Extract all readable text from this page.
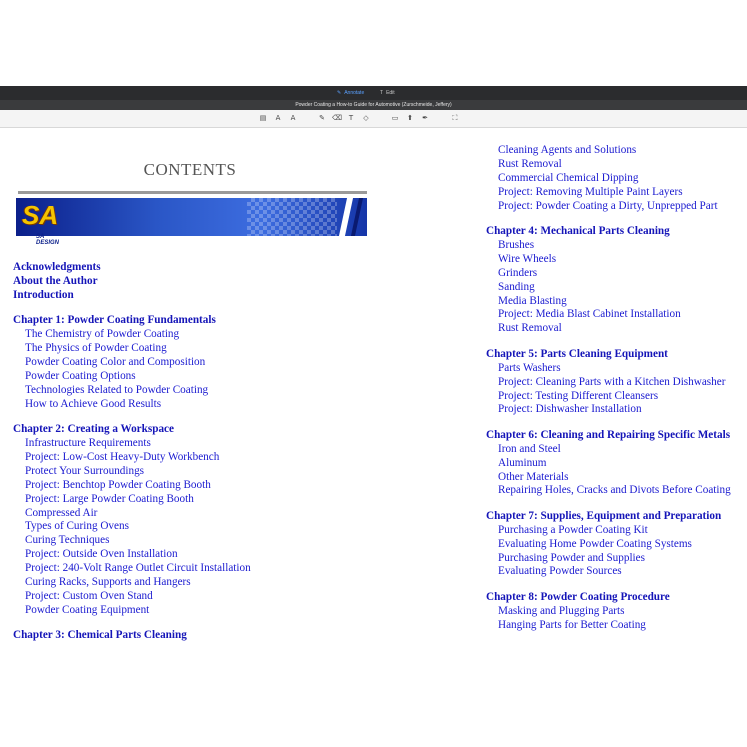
✎ Annotate	T Edit
Powder Coating a How-to Guide for Automotive (Zurschmeide, Jeffery)
▤	A	A	✎ ⌫ T	◇	▭ ⬆ ✒	⛶
CONTENTS
SA
SA DESIGN
Acknowledgments
About the Author
Introduction
Chapter 1: Powder Coating Fundamentals
The Chemistry of Powder Coating
The Physics of Powder Coating
Powder Coating Color and Composition
Powder Coating Options
Technologies Related to Powder Coating
How to Achieve Good Results
Chapter 2: Creating a Workspace
Infrastructure Requirements
Project: Low-Cost Heavy-Duty Workbench
Protect Your Surroundings
Project: Benchtop Powder Coating Booth
Project: Large Powder Coating Booth
Compressed Air
Types of Curing Ovens
Curing Techniques
Project: Outside Oven Installation
Project: 240-Volt Range Outlet Circuit Installation
Curing Racks, Supports and Hangers
Project: Custom Oven Stand
Powder Coating Equipment
Chapter 3: Chemical Parts Cleaning
Cleaning Agents and Solutions
Rust Removal
Commercial Chemical Dipping
Project: Removing Multiple Paint Layers
Project: Powder Coating a Dirty, Unprepped Part
Chapter 4: Mechanical Parts Cleaning
Brushes
Wire Wheels
Grinders
Sanding
Media Blasting
Project: Media Blast Cabinet Installation
Rust Removal
Chapter 5: Parts Cleaning Equipment
Parts Washers
Project: Cleaning Parts with a Kitchen Dishwasher
Project: Testing Different Cleansers
Project: Dishwasher Installation
Chapter 6: Cleaning and Repairing Specific Metals
Iron and Steel
Aluminum
Other Materials
Repairing Holes, Cracks and Divots Before Coating
Chapter 7: Supplies, Equipment and Preparation
Purchasing a Powder Coating Kit
Evaluating Home Powder Coating Systems
Purchasing Powder and Supplies
Evaluating Powder Sources
Chapter 8: Powder Coating Procedure
Masking and Plugging Parts
Hanging Parts for Better Coating
